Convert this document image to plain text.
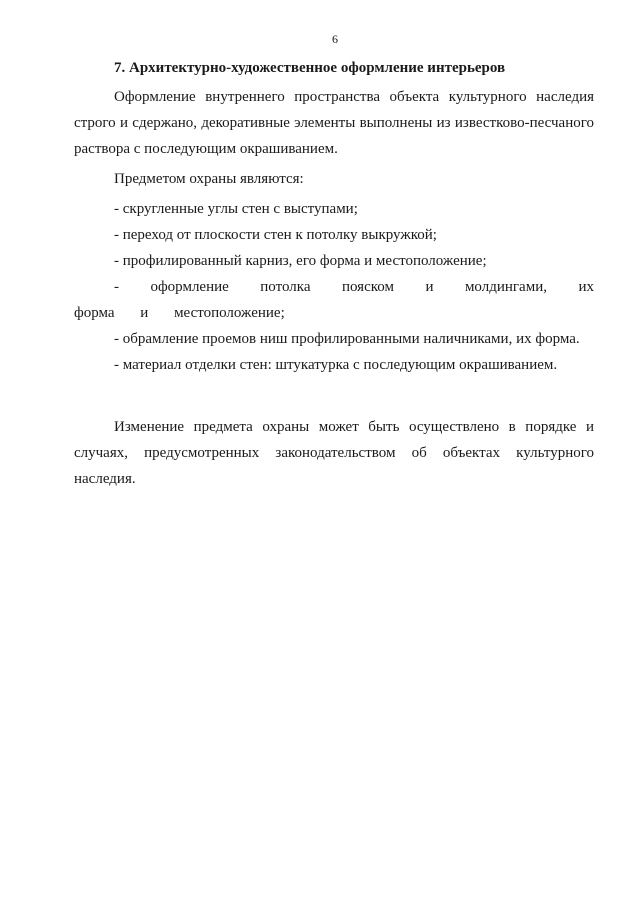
6
7. Архитектурно-художественное оформление интерьеров

Оформление внутреннего пространства объекта культурного наследия строго и сдержано, декоративные элементы выполнены из известково-песчаного раствора с последующим окрашиванием.

Предметом охраны являются:

- скругленные углы стен с выступами;
- переход от плоскости стен к потолку выкружкой;
- профилированный карниз, его форма и местоположение;
- оформление потолка пояском и молдингами, их форма и местоположение;
- обрамление проемов ниш профилированными наличниками, их форма.
- материал отделки стен: штукатурка с последующим окрашиванием.

Изменение предмета охраны может быть осуществлено в порядке и случаях, предусмотренных законодательством об объектах культурного наследия.
